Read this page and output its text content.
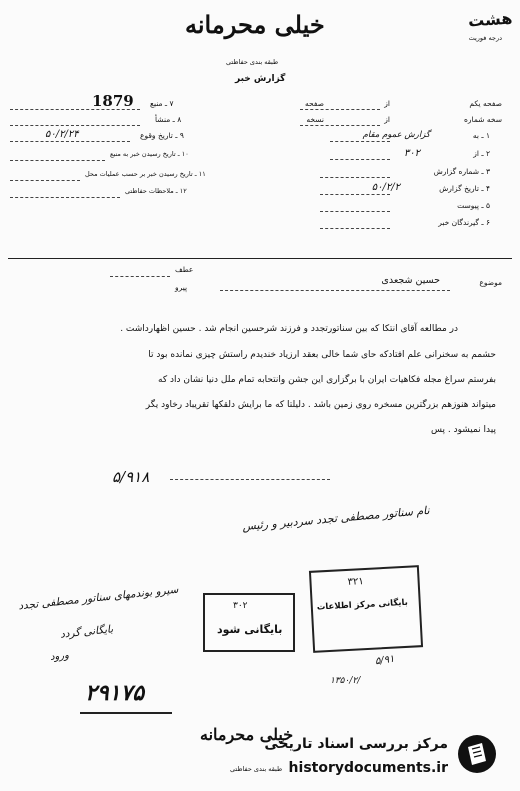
هشت
درجه فوریت
خیلی محرمانه
طبقه بندی حفاظتی
گزارش خبر
1879	صفحه یکم
از
صفحه
سخه شماره
از
نسخه
۱ ـ به
گزارش عموم مقام
۲ ـ از
۳۰۲
۳ ـ شماره گزارش
۴ ـ تاریخ گزارش
۵۰/۲/۲
۵ ـ پیوست
۶ ـ گیرندگان خبر
۷ ـ منبع
۸ ـ منشأ
۹ ـ تاریخ وقوع
۵۰/۲/۲۴
۱۰ ـ تاریخ رسیدن خبر به منبع
۱۱ ـ تاریخ رسیدن خبر بر حسب عملیات محل
۱۲ ـ ملاحظات حفاظتی
موضوع
حسین شجعدی
عطف
پیرو
در مطالعه آقای انتکا که بین سناتورتجدد و فرزند شرحسین انجام شد . حسین اظهارداشت .
حشمم به سخنرانی علم افتادکه حای شما خالی بعقد ارزیاد خندیدم راستش چیزی نمانده بود تا
بفرستم سراغ مجله فکاهیات ایران با برگزاری این جشن وانتحابه تمام ملل دنیا نشان داد که
میتواند هنوزهم بزرگترین مسخره روی زمین باشد . دلیلتا که ما برایش دلقکها تقریباد رخاود یگر
پیدا نمیشود . پس
۵/۹۱۸
نام سناتور مصطفی تجدد سردبیر و رئیس
سیرو بوندمهای سناتور مصطفی تجدد
بایگانی گردد
ورود
۲۹۱۷۵
۳۰۲
بایگانی شود
۳۲۱
بایگانی مرکز اطلاعات
۵/۹۱
۱۳۵۰/۲/
خیلی محرمانه
طبقه بندی حفاظتی
مرکز بررسی اسناد تاریخی
historydocuments.ir
